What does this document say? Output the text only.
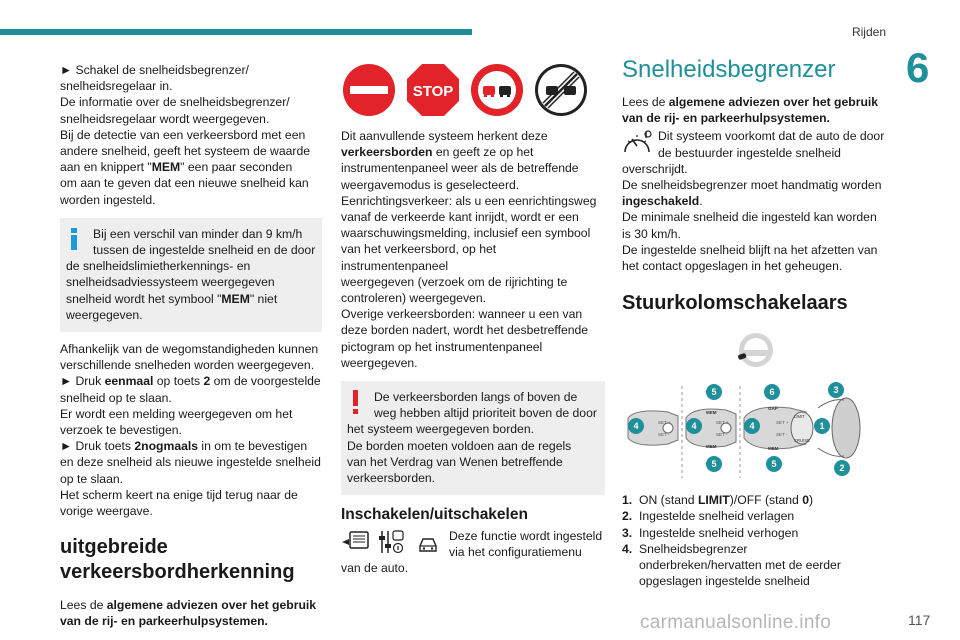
Rijden
6

► Schakel de snelheidsbegrenzer/
snelheidsregelaar in.
De informatie over de snelheidsbegrenzer/
snelheidsregelaar wordt weergegeven.
Bij de detectie van een verkeersbord met een
andere snelheid, geeft het systeem de waarde
aan en knippert "MEM" een paar seconden
om aan te geven dat een nieuwe snelheid kan
worden ingesteld.

Bij een verschil van minder dan 9 km/h
tussen de ingestelde snelheid en de door
de snelheidslimietherkennings- en
snelheidsadviessysteem weergegeven
snelheid wordt het symbool "MEM" niet
weergegeven.

Afhankelijk van de wegomstandigheden kunnen
verschillende snelheden worden weergegeven.
► Druk eenmaal op toets 2 om de voorgestelde
snelheid op te slaan.
Er wordt een melding weergegeven om het
verzoek te bevestigen.
► Druk toets 2nogmaals in om te bevestigen
en deze snelheid als nieuwe ingestelde snelheid
op te slaan.
Het scherm keert na enige tijd terug naar de
vorige weergave.

uitgebreide
verkeersbordherkenning

Lees de algemene adviezen over het gebruik van de rij- en parkeerhulpsystemen.

STOP

Dit aanvullende systeem herkent deze
verkeersborden en geeft ze op het
instrumentenpaneel weer als de betreffende
weergavemodus is geselecteerd.
Eenrichtingsverkeer: als u een eenrichtingsweg
vanaf de verkeerde kant inrijdt, wordt er een
waarschuwingsmelding, inclusief een symbool
van het verkeersbord, op het instrumentenpaneel
weergegeven (verzoek om de rijrichting te
controleren) weergegeven.
Overige verkeersborden: wanneer u een van
deze borden nadert, wordt het desbetreffende
pictogram op het instrumentenpaneel
weergegeven.

De verkeersborden langs of boven de
weg hebben altijd prioriteit boven de door
het systeem weergegeven borden.
De borden moeten voldoen aan de regels
van het Verdrag van Wenen betreffende
verkeersborden.
Inschakelen/uitschakelen
Deze functie wordt ingesteld
via het configuratiemenu
van de auto.
Snelheidsbegrenzer

Lees de algemene adviezen over het gebruik van de rij- en parkeerhulpsystemen.

Dit systeem voorkomt dat de auto de door
de bestuurder ingestelde snelheid

overschrijdt.
De snelheidsbegrenzer moet handmatig worden
ingeschakeld.
De minimale snelheid die ingesteld kan worden
is 30 km/h.
De ingestelde snelheid blijft na het afzetten van
het contact opgeslagen in het geheugen.

Stuurkolomschakelaars
SET +
SET -
MEM
MEM
SET +
SET -
GAP
MEM
LIMIT
CRUISE
SET +
SET -
4
5
4
5
6
4
5
3
1
2
1. ON (stand LIMIT)/OFF (stand 0)
2. Ingestelde snelheid verlagen
3. Ingestelde snelheid verhogen
4. Snelheidsbegrenzer onderbreken/hervatten met de eerder opgeslagen ingestelde snelheid
carmanualsonline.info	117
